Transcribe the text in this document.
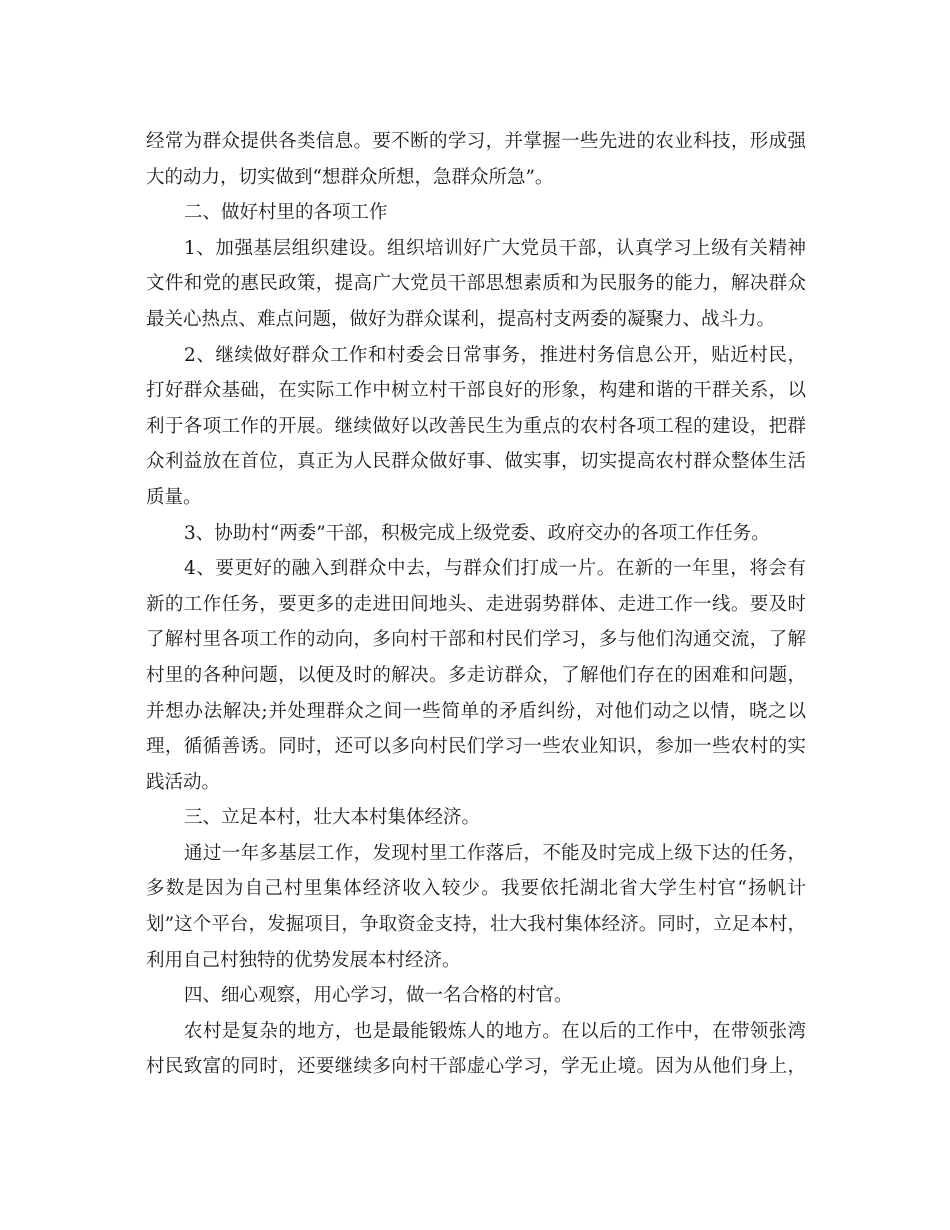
经常为群众提供各类信息。要不断的学习，并掌握一些先进的农业科技，形成强
大的动力，切实做到“想群众所想，急群众所急”。
二、做好村里的各项工作
1、加强基层组织建设。组织培训好广大党员干部，认真学习上级有关精神
文件和党的惠民政策，提高广大党员干部思想素质和为民服务的能力，解决群众
最关心热点、难点问题，做好为群众谋利，提高村支两委的凝聚力、战斗力。
2、继续做好群众工作和村委会日常事务，推进村务信息公开，贴近村民，
打好群众基础，在实际工作中树立村干部良好的形象，构建和谐的干群关系，以
利于各项工作的开展。继续做好以改善民生为重点的农村各项工程的建设，把群
众利益放在首位，真正为人民群众做好事、做实事，切实提高农村群众整体生活
质量。
3、协助村“两委”干部，积极完成上级党委、政府交办的各项工作任务。
4、要更好的融入到群众中去，与群众们打成一片。在新的一年里，将会有
新的工作任务，要更多的走进田间地头、走进弱势群体、走进工作一线。要及时
了解村里各项工作的动向，多向村干部和村民们学习，多与他们沟通交流，了解
村里的各种问题，以便及时的解决。多走访群众，了解他们存在的困难和问题，
并想办法解决;并处理群众之间一些简单的矛盾纠纷，对他们动之以情，晓之以
理，循循善诱。同时，还可以多向村民们学习一些农业知识，参加一些农村的实
践活动。
三、立足本村，壮大本村集体经济。
通过一年多基层工作，发现村里工作落后，不能及时完成上级下达的任务，
多数是因为自己村里集体经济收入较少。我要依托湖北省大学生村官“扬帆计
划”这个平台，发掘项目，争取资金支持，壮大我村集体经济。同时，立足本村，
利用自己村独特的优势发展本村经济。
四、细心观察，用心学习，做一名合格的村官。
农村是复杂的地方，也是最能锻炼人的地方。在以后的工作中，在带领张湾
村民致富的同时，还要继续多向村干部虚心学习，学无止境。因为从他们身上，
